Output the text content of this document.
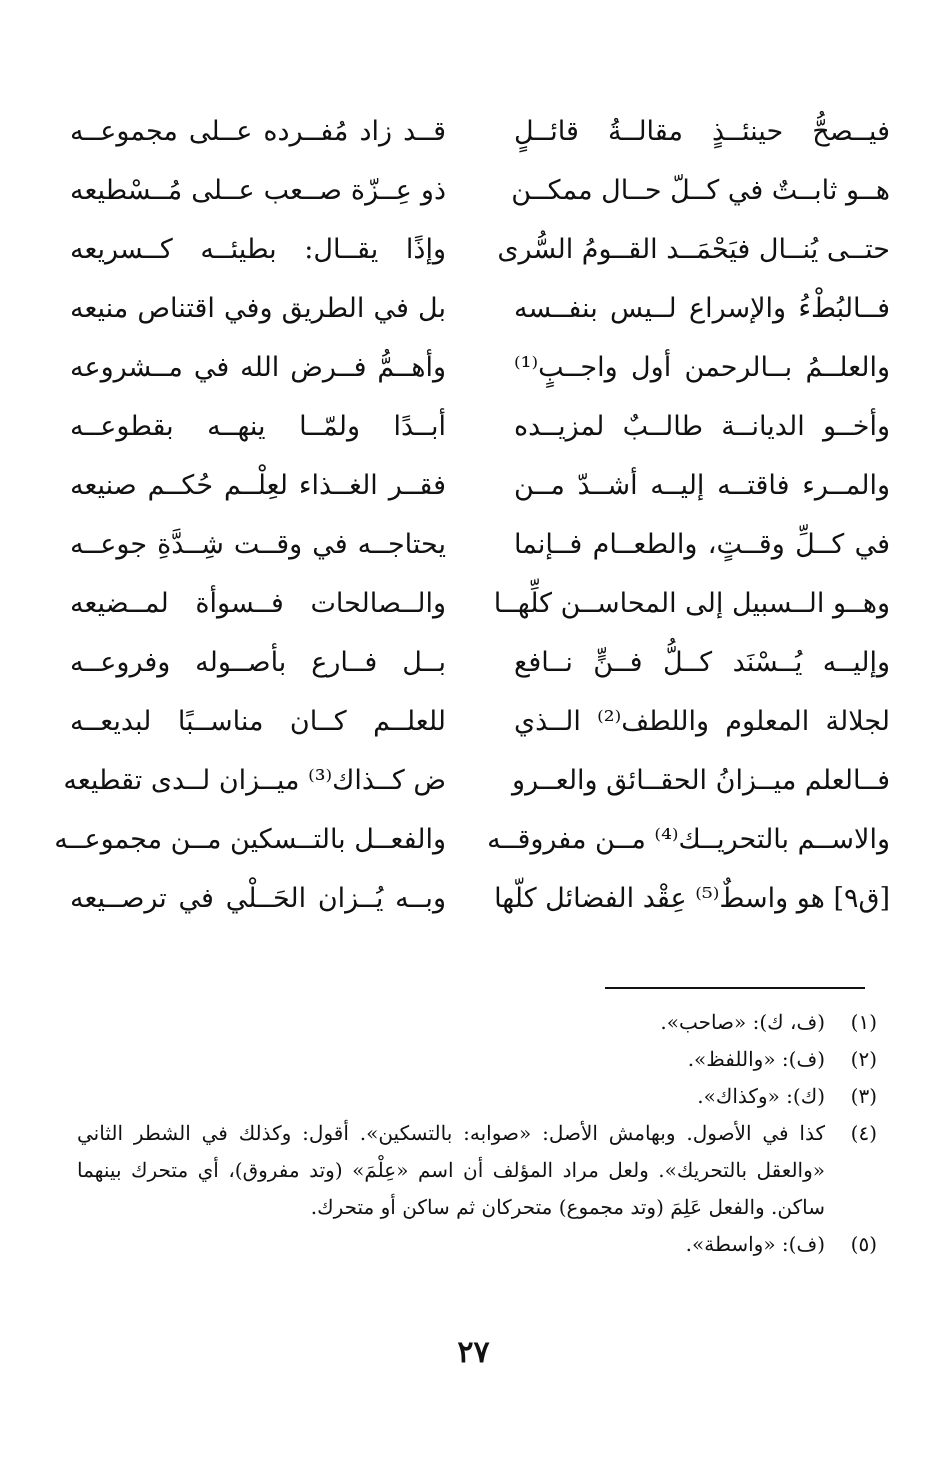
فيــصحُّ حينئــذٍ مقالــةُ قائــلٍ
قــد زاد مُفــرده عــلى مجموعــه
هــو ثابــتٌ في كــلّ حــال ممكــن
ذو عِــزّة صــعب عــلى مُــسْطيعه
حتــى يُنــال فيَحْمَــد القــومُ السُّرى
وإذًا يقــال: بطيئــه كــسريعه
فــالبُطْءُ والإسراع لــيس بنفــسه
بل في الطريق وفي اقتناص منيعه
والعلــمُ بــالرحمن أول واجــبٍ⁽¹⁾
وأهــمُّ فــرض الله في مــشروعه
وأخــو الديانــة طالــبٌ لمزيــده
أبــدًا ولمّــا ينهــه بقطوعــه
والمــرء فاقتــه إليــه أشــدّ مــن
فقــر الغــذاء لعِلْــم حُكــم صنيعه
في كــلِّ وقــتٍ، والطعــام فــإنما
يحتاجــه في وقــت شِــدَّةِ جوعــه
وهــو الــسبيل إلى المحاســن كلِّهــا
والــصالحات فــسوأة لمــضيعه
وإليــه يُــسْنَد كــلُّ فــنٍّ نــافع
بــل فــارع بأصــوله وفروعــه
لجلالة المعلوم واللطف⁽²⁾ الــذي
للعلــم كــان مناســبًا لبديعــه
فــالعلم ميــزانُ الحقــائق والعــرو
ض كــذاك⁽³⁾ ميــزان لــدى تقطيعه
والاســم بالتحريــك⁽⁴⁾ مــن مفروقــه
والفعــل بالتــسكين مــن مجموعــه
[ق٩] هو واسطٌ⁽⁵⁾ عِقْد الفضائل كلّها
وبــه يُــزان الحَــلْي في ترصــيعه
(١)
(ف، ك): «صاحب».
(٢)
(ف): «واللفظ».
(٣)
(ك): «وكذاك».
(٤)
كذا في الأصول. وبهامش الأصل: «صوابه: بالتسكين». أقول: وكذلك في الشطر الثاني «والعقل بالتحريك». ولعل مراد المؤلف أن اسم «عِلْمَ» (وتد مفروق)، أي متحرك بينهما ساكن. والفعل عَلِمَ (وتد مجموع) متحركان ثم ساكن أو متحرك.
(٥)
(ف): «واسطة».
٢٧
